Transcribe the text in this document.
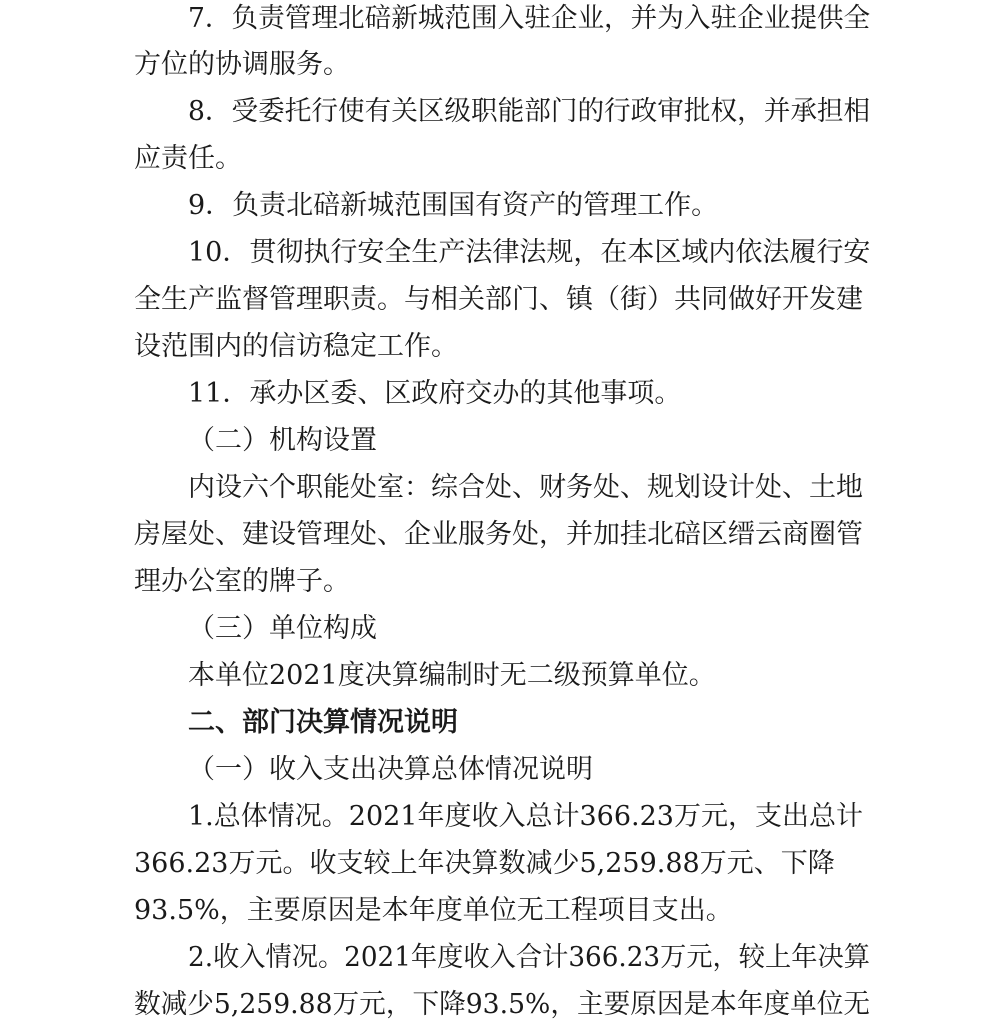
7．负责管理北碚新城范围入驻企业，并为入驻企业提供全
方位的协调服务。
8．受委托行使有关区级职能部门的行政审批权，并承担相
应责任。
9．负责北碚新城范围国有资产的管理工作。
10．贯彻执行安全生产法律法规，在本区域内依法履行安
全生产监督管理职责。与相关部门、镇（街）共同做好开发建
设范围内的信访稳定工作。
11．承办区委、区政府交办的其他事项。
（二）机构设置
内设六个职能处室：综合处、财务处、规划设计处、土地
房屋处、建设管理处、企业服务处，并加挂北碚区缙云商圈管
理办公室的牌子。
（三）单位构成
本单位2021度决算编制时无二级预算单位。
二、部门决算情况说明
（一）收入支出决算总体情况说明
1.总体情况。2021年度收入总计366.23万元，支出总计
366.23万元。收支较上年决算数减少5,259.88万元、下降
93.5%，主要原因是本年度单位无工程项目支出。
2.收入情况。2021年度收入合计366.23万元，较上年决算
数减少5,259.88万元，下降93.5%，主要原因是本年度单位无
